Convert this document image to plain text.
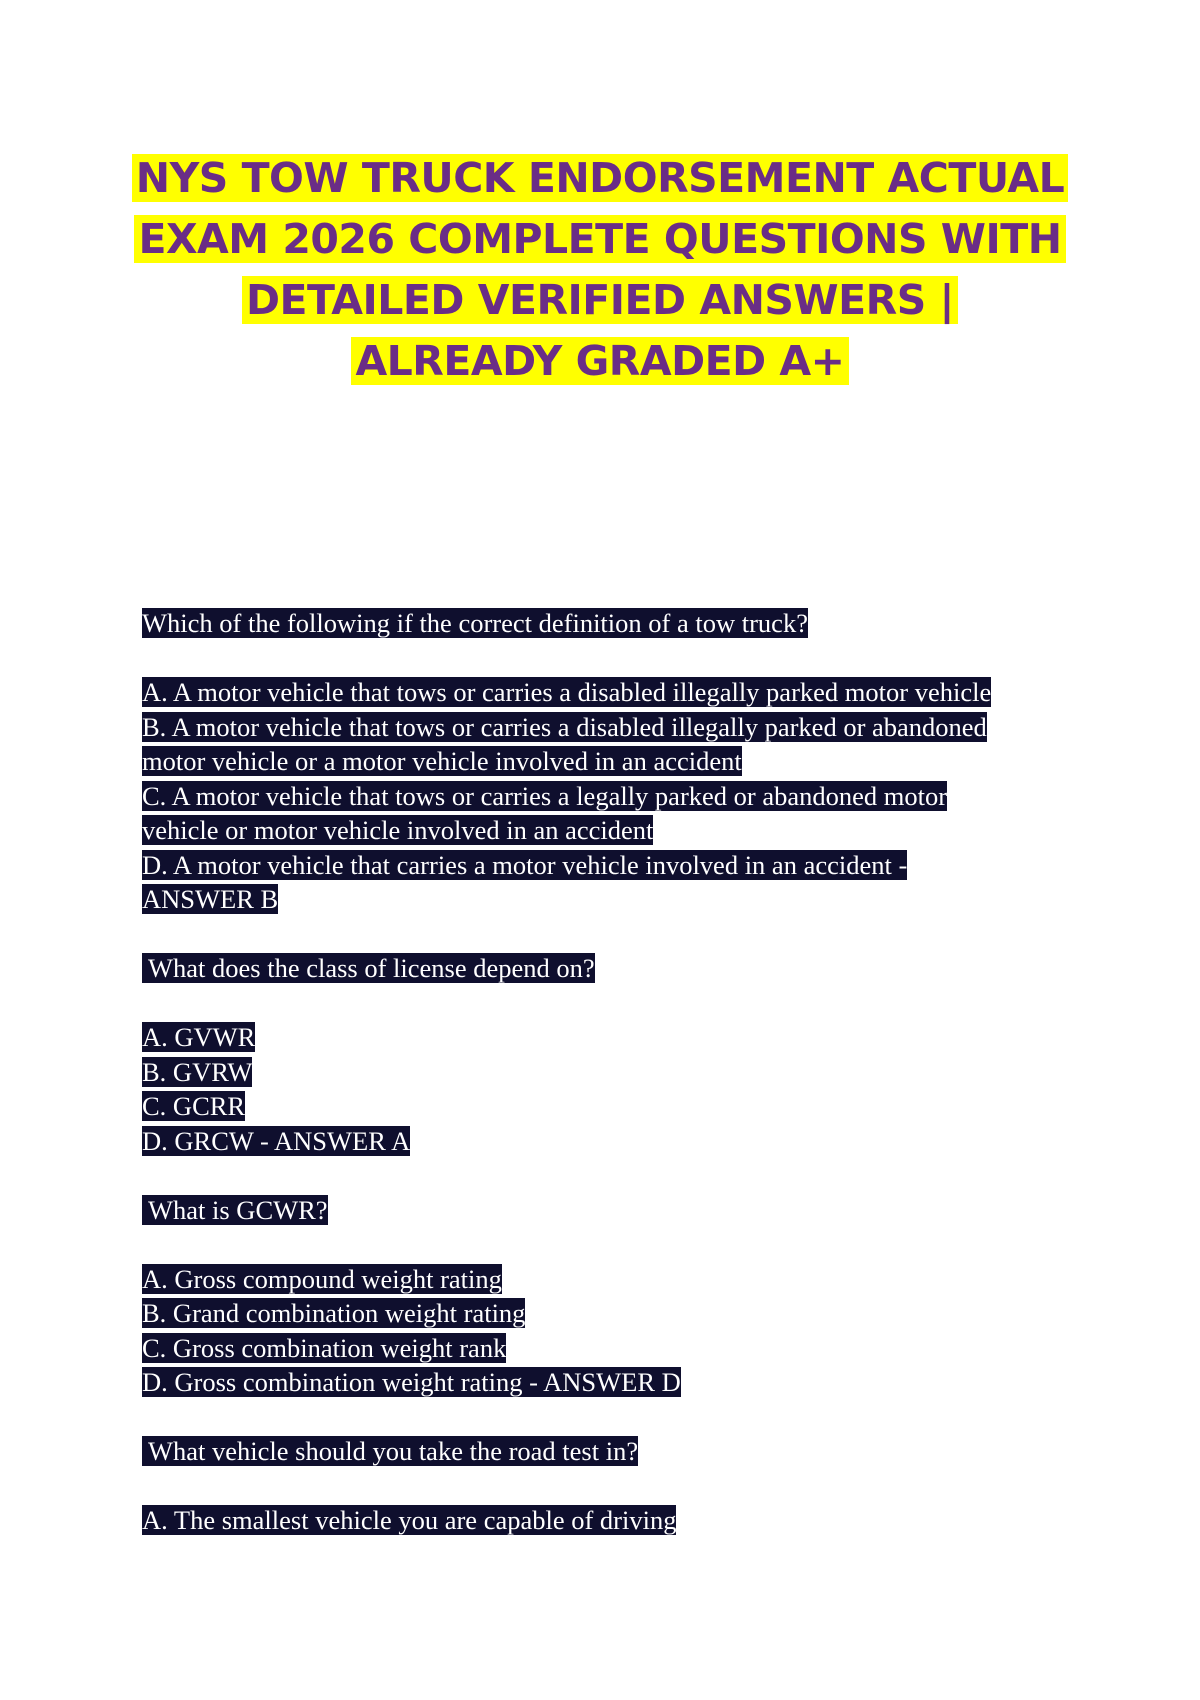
NYS TOW TRUCK ENDORSEMENT ACTUAL
EXAM 2026 COMPLETE QUESTIONS WITH
DETAILED VERIFIED ANSWERS |
ALREADY GRADED A+
Which of the following if the correct definition of a tow truck?
A. A motor vehicle that tows or carries a disabled illegally parked motor vehicle
B. A motor vehicle that tows or carries a disabled illegally parked or abandoned
motor vehicle or a motor vehicle involved in an accident
C. A motor vehicle that tows or carries a legally parked or abandoned motor
vehicle or motor vehicle involved in an accident
D. A motor vehicle that carries a motor vehicle involved in an accident -
ANSWER B
What does the class of license depend on?
A. GVWR
B. GVRW
C. GCRR
D. GRCW - ANSWER A
What is GCWR?
A. Gross compound weight rating
B. Grand combination weight rating
C. Gross combination weight rank
D. Gross combination weight rating - ANSWER D
What vehicle should you take the road test in?
A. The smallest vehicle you are capable of driving
